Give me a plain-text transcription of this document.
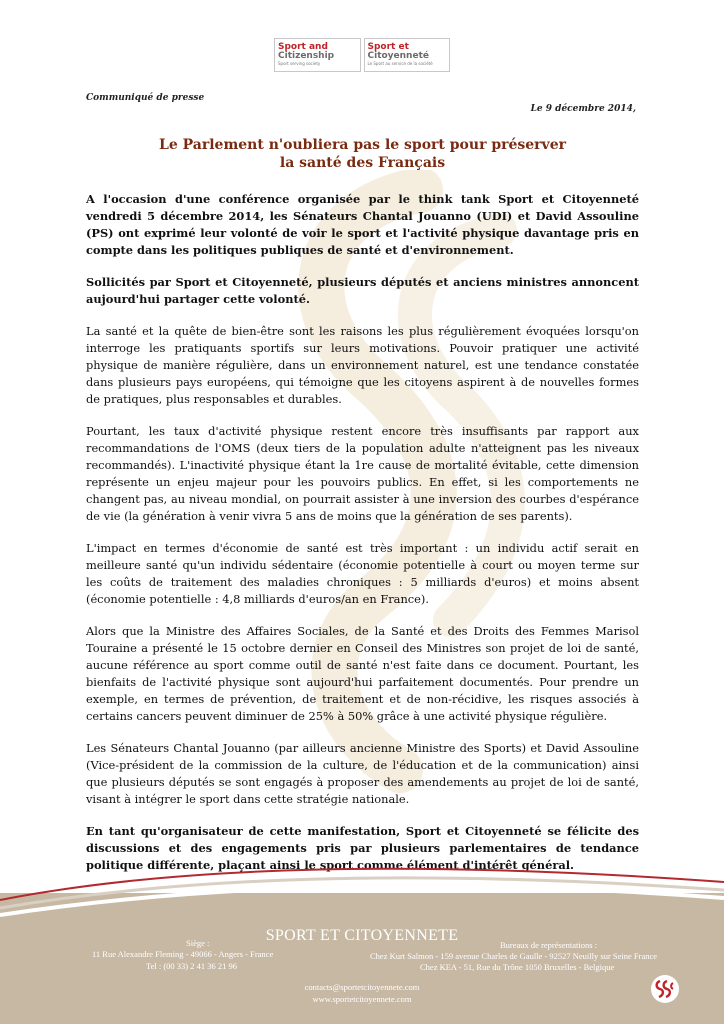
Sport and
Citizenship
Sport serving society
Sport et
Citoyenneté
Le Sport au service de la société
Communiqué de presse
Le 9 décembre 2014,
Le Parlement n'oubliera pas le sport pour préserver
la santé des Français

A l'occasion d'une conférence organisée par le think tank Sport et Citoyenneté vendredi 5 décembre 2014, les Sénateurs Chantal Jouanno (UDI) et David Assouline (PS) ont exprimé leur volonté de voir le sport et l'activité physique davantage pris en compte dans les politiques publiques de santé et d'environnement.

Sollicités par Sport et Citoyenneté, plusieurs députés et anciens ministres annoncent aujourd'hui partager cette volonté.

La santé et la quête de bien-être sont les raisons les plus régulièrement évoquées lorsqu'on interroge les pratiquants sportifs sur leurs motivations. Pouvoir pratiquer une activité physique de manière régulière, dans un environnement naturel, est une tendance constatée dans plusieurs pays européens, qui témoigne que les citoyens aspirent à de nouvelles formes de pratiques, plus responsables et durables.

Pourtant, les taux d'activité physique restent encore très insuffisants par rapport aux recommandations de l'OMS (deux tiers de la population adulte n'atteignent pas les niveaux recommandés). L'inactivité physique étant la 1re cause de mortalité évitable, cette dimension représente un enjeu majeur pour les pouvoirs publics. En effet, si les comportements ne changent pas, au niveau mondial, on pourrait assister à une inversion des courbes d'espérance de vie (la génération à venir vivra 5 ans de moins que la génération de ses parents).

L'impact en termes d'économie de santé est très important : un individu actif serait en meilleure santé qu'un individu sédentaire (économie potentielle à court ou moyen terme sur les coûts de traitement des maladies chroniques : 5 milliards d'euros) et moins absent (économie potentielle : 4,8 milliards d'euros/an en France).

Alors que la Ministre des Affaires Sociales, de la Santé et des Droits des Femmes Marisol Touraine a présenté le 15 octobre dernier en Conseil des Ministres son projet de loi de santé, aucune référence au sport comme outil de santé n'est faite dans ce document. Pourtant, les bienfaits de l'activité physique sont aujourd'hui parfaitement documentés. Pour prendre un exemple, en termes de prévention, de traitement et de non-récidive, les risques associés à certains cancers peuvent diminuer de 25% à 50% grâce à une activité physique régulière.

Les Sénateurs Chantal Jouanno (par ailleurs ancienne Ministre des Sports) et David Assouline (Vice-président de la commission de la culture, de l'éducation et de la communication) ainsi que plusieurs députés se sont engagés à proposer des amendements au projet de loi de santé, visant à intégrer le sport dans cette stratégie nationale.

En tant qu'organisateur de cette manifestation, Sport et Citoyenneté se félicite des discussions et des engagements pris par plusieurs parlementaires de tendance politique différente, plaçant ainsi le sport comme élément d'intérêt général.

SPORT ET CITOYENNETE
Siège :
11 Rue Alexandre Fleming - 49066 - Angers - France
Tel : (00 33) 2 41 36 21 96
Bureaux de représentations :
Chez Kurt Salmon - 159 avenue Charles de Gaulle - 92527 Neuilly sur Seine France
Chez KEA - 51, Rue du Trône 1050 Bruxelles - Belgique
contacts@sportetcitoyennete.com
www.sportetcitoyennete.com
